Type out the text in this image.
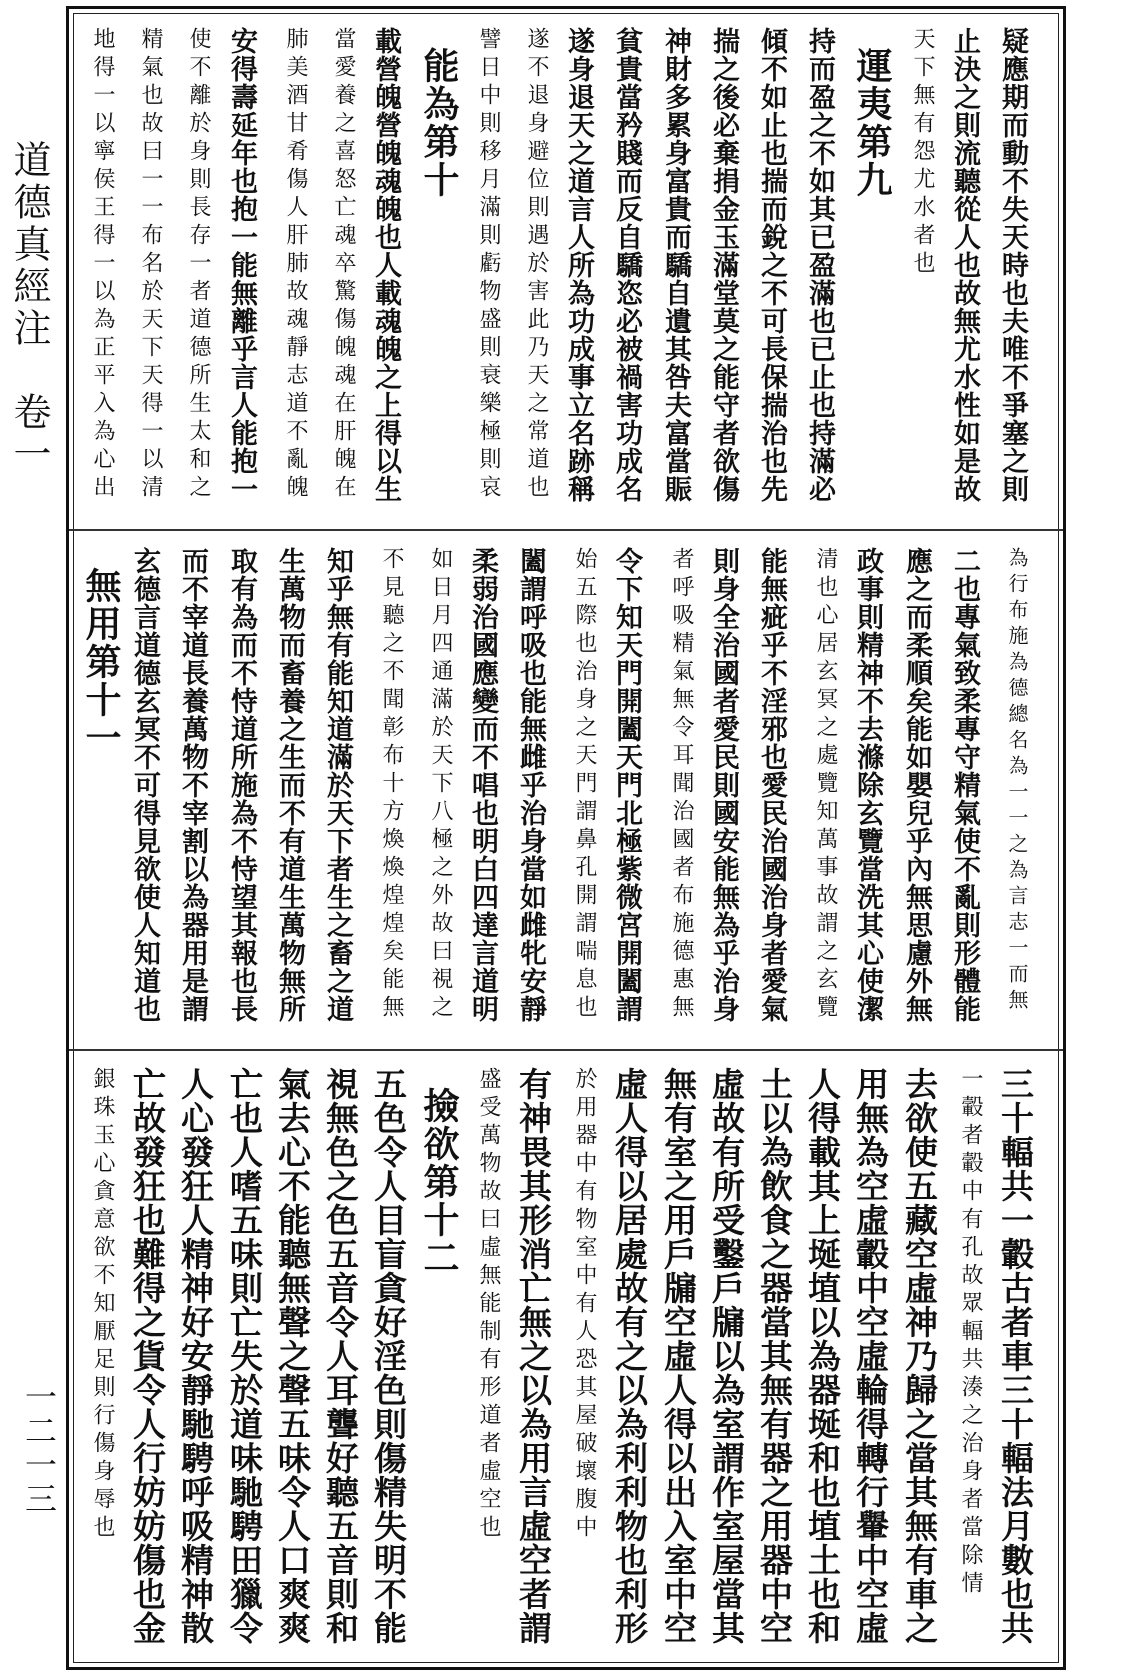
道德真經注　卷一
一二一三
疑應期而動不失天時也夫唯不爭塞之則
止決之則流聽從人也故無尤水性如是故
天下無有怨尤水者也
運夷第九
持而盈之不如其已盈滿也已止也持滿必
傾不如止也揣而銳之不可長保揣治也先
揣之後必棄捐金玉滿堂莫之能守者欲傷
神財多累身富貴而驕自遺其咎夫富當賑
貧貴當矜賤而反自驕恣必被禍害功成名
遂身退天之道言人所為功成事立名跡稱
遂不退身避位則遇於害此乃天之常道也
譬日中則移月滿則虧物盛則衰樂極則哀
能為第十
載營魄營魄魂魄也人載魂魄之上得以生
當愛養之喜怒亡魂卒驚傷魄魂在肝魄在
肺美酒甘肴傷人肝肺故魂靜志道不亂魄
安得壽延年也抱一能無離乎言人能抱一
使不離於身則長存一者道德所生太和之
精氣也故曰一一布名於天下天得一以清
地得一以寧侯王得一以為正平入為心出
為行布施為德總名為一一之為言志一而無
二也專氣致柔專守精氣使不亂則形體能
應之而柔順矣能如嬰兒乎內無思慮外無
政事則精神不去滌除玄覽當洗其心使潔
清也心居玄冥之處覽知萬事故謂之玄覽
能無疵乎不淫邪也愛民治國治身者愛氣
則身全治國者愛民則國安能無為乎治身
者呼吸精氣無令耳聞治國者布施德惠無
令下知天門開闔天門北極紫微宮開闔謂
始五際也治身之天門謂鼻孔開謂喘息也
闔謂呼吸也能無雌乎治身當如雌牝安靜
柔弱治國應變而不唱也明白四達言道明
如日月四通滿於天下八極之外故曰視之
不見聽之不聞彰布十方煥煥煌煌矣能無
知乎無有能知道滿於天下者生之畜之道
生萬物而畜養之生而不有道生萬物無所
取有為而不恃道所施為不恃望其報也長
而不宰道長養萬物不宰割以為器用是謂
玄德言道德玄冥不可得見欲使人知道也
無用第十一
三十輻共一轂古者車三十輻法月數也共
一轂者轂中有孔故眾輻共湊之治身者當除情
去欲使五藏空虛神乃歸之當其無有車之
用無為空虛轂中空虛輪得轉行轝中空虛
人得載其上埏埴以為器埏和也埴土也和
土以為飲食之器當其無有器之用器中空
虛故有所受鑿戶牖以為室謂作室屋當其
無有室之用戶牖空虛人得以出入室中空
虛人得以居處故有之以為利利物也利形
於用器中有物室中有人恐其屋破壞腹中
有神畏其形消亡無之以為用言虛空者謂
盛受萬物故曰虛無能制有形道者虛空也
撿欲第十二
五色令人目盲貪好淫色則傷精失明不能
視無色之色五音令人耳聾好聽五音則和
氣去心不能聽無聲之聲五味令人口爽爽
亡也人嗜五味則亡失於道味馳騁田獵令
人心發狂人精神好安靜馳騁呼吸精神散
亡故發狂也難得之貨令人行妨妨傷也金
銀珠玉心貪意欲不知厭足則行傷身辱也
